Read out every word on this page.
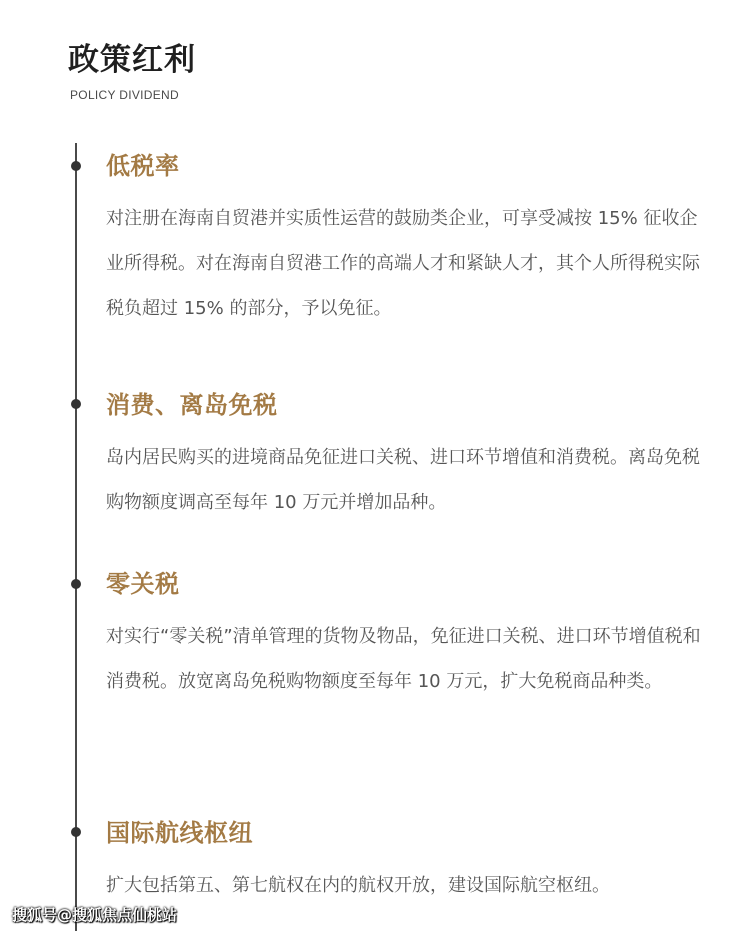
政策红利
POLICY DIVIDEND
低税率
对注册在海南自贸港并实质性运营的鼓励类企业，可享受减按 15% 征收企业所得税。对在海南自贸港工作的高端人才和紧缺人才，其个人所得税实际税负超过 15% 的部分，予以免征。
消费、离岛免税
岛内居民购买的进境商品免征进口关税、进口环节增值和消费税。离岛免税购物额度调高至每年 10 万元并增加品种。
零关税
对实行“零关税”清单管理的货物及物品，免征进口关税、进口环节增值税和消费税。放宽离岛免税购物额度至每年 10 万元，扩大免税商品种类。
国际航线枢纽
扩大包括第五、第七航权在内的航权开放，建设国际航空枢纽。
搜狐号@搜狐焦点仙桃站
